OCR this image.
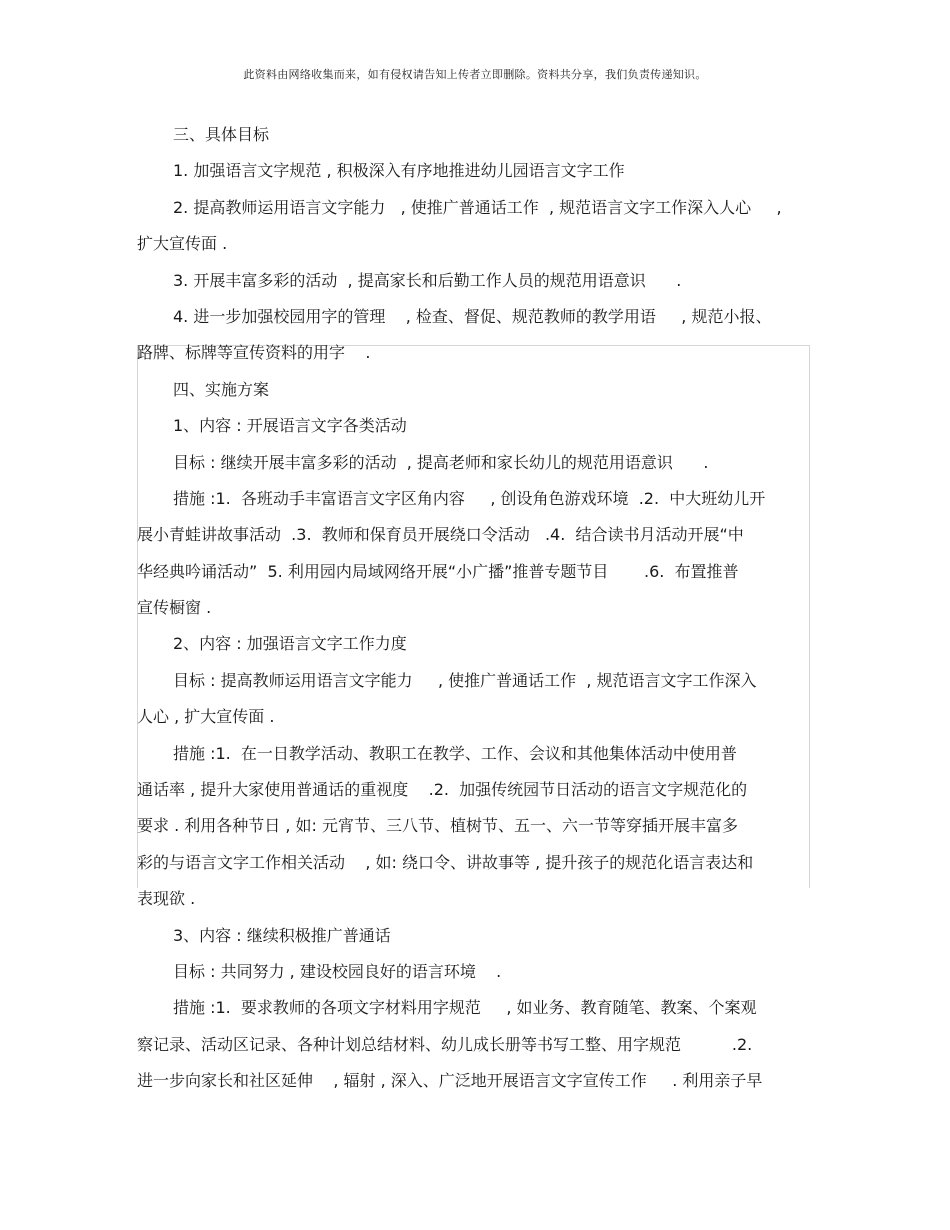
此资料由网络收集而来，如有侵权请告知上传者立即删除。资料共分享，我们负责传递知识。
三、具体目标
1. 加强语言文字规范 , 积极深入有序地推进幼儿园语言文字工作
2. 提高教师运用语言文字能力   , 使推广普通话工作  , 规范语言文字工作深入人心     ,
扩大宣传面 .
3. 开展丰富多彩的活动  , 提高家长和后勤工作人员的规范用语意识      .
4. 进一步加强校园用字的管理    , 检查、督促、规范教师的教学用语     , 规范小报、
路牌、标牌等宣传资料的用字    .
四、实施方案
1、内容 : 开展语言文字各类活动
目标 : 继续开展丰富多彩的活动  , 提高老师和家长幼儿的规范用语意识      .
措施 :1.  各班动手丰富语言文字区角内容     , 创设角色游戏环境  .2.  中大班幼儿开
展小青蛙讲故事活动  .3.  教师和保育员开展绕口令活动   .4.  结合读书月活动开展“中
华经典吟诵活动”  5. 利用园内局域网络开展“小广播”推普专题节目       .6.  布置推普
宣传橱窗 .
2、内容 : 加强语言文字工作力度
目标 : 提高教师运用语言文字能力     , 使推广普通话工作  , 规范语言文字工作深入
人心 , 扩大宣传面 .
措施 :1.  在一日教学活动、教职工在教学、工作、会议和其他集体活动中使用普
通话率 , 提升大家使用普通话的重视度    .2.  加强传统园节日活动的语言文字规范化的
要求 . 利用各种节日 , 如: 元宵节、三八节、植树节、五一、六一节等穿插开展丰富多
彩的与语言文字工作相关活动    , 如: 绕口令、讲故事等 , 提升孩子的规范化语言表达和
表现欲 .
3、内容 : 继续积极推广普通话
目标 : 共同努力 , 建设校园良好的语言环境    .
措施 :1.  要求教师的各项文字材料用字规范     , 如业务、教育随笔、教案、个案观
察记录、活动区记录、各种计划总结材料、幼儿成长册等书写工整、用字规范          .2.
进一步向家长和社区延伸    , 辐射 , 深入、广泛地开展语言文字宣传工作     . 利用亲子早
